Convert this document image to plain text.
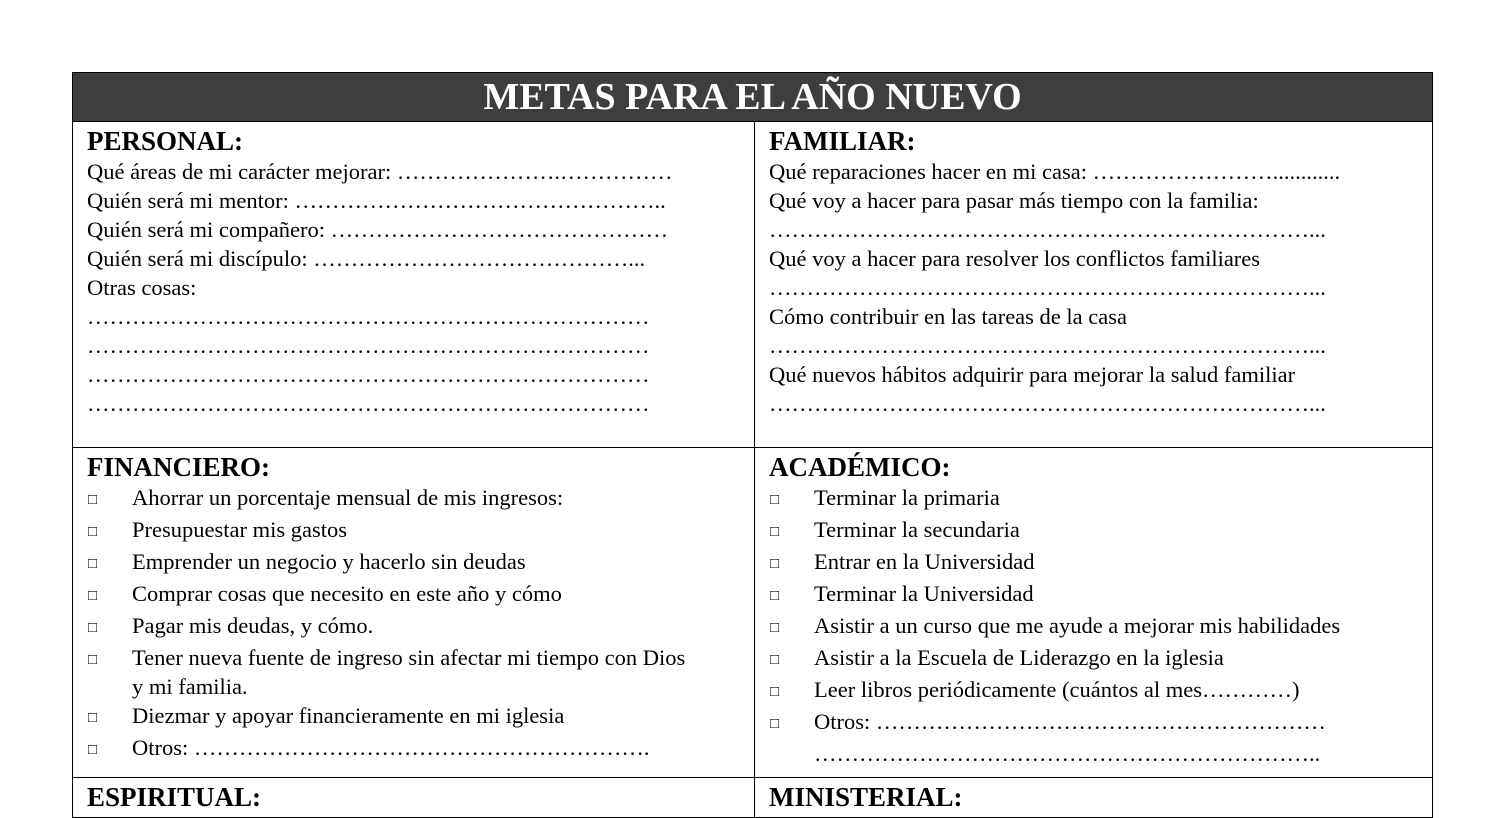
METAS PARA EL AÑO NUEVO	

PERSONAL:
Qué áreas de mi carácter mejorar: ………………….……………
Quién será mi mentor: …………………………………………..
Quién será mi compañero: ………………………………………
Quién será mi discípulo: ……………………………………...
Otras cosas:
…………………………………………………………………
…………………………………………………………………
…………………………………………………………………
…………………………………………………………………

FAMILIAR:
Qué reparaciones hacer en mi casa: ……………………............
Qué voy a hacer para pasar más tiempo con la familia:
………………………………………………………………...
Qué voy a hacer para resolver los conflictos familiares
………………………………………………………………...
Cómo contribuir en las tareas de la casa
………………………………………………………………...
Qué nuevos hábitos adquirir para mejorar la salud familiar
………………………………………………………………...

FINANCIERO:
□	Ahorrar un porcentaje mensual de mis ingresos:
□	Presupuestar mis gastos
□	Emprender un negocio y hacerlo sin deudas
□	Comprar cosas que necesito en este año y cómo
□	Pagar mis deudas, y cómo.
□	Tener nueva fuente de ingreso sin afectar mi tiempo con Dios y mi familia.
□	Diezmar y apoyar financieramente en mi iglesia
□	Otros: …………………………………………………….

ACADÉMICO:
□	Terminar la primaria
□	Terminar la secundaria
□	Entrar en la Universidad
□	Terminar la Universidad
□	Asistir a un curso que me ayude a mejorar mis habilidades
□	Asistir a la Escuela de Liderazgo en la iglesia
□	Leer libros periódicamente (cuántos al mes…………)
□	Otros: ……………………………………………………
…………………………………………………………..

ESPIRITUAL:	MINISTERIAL:
